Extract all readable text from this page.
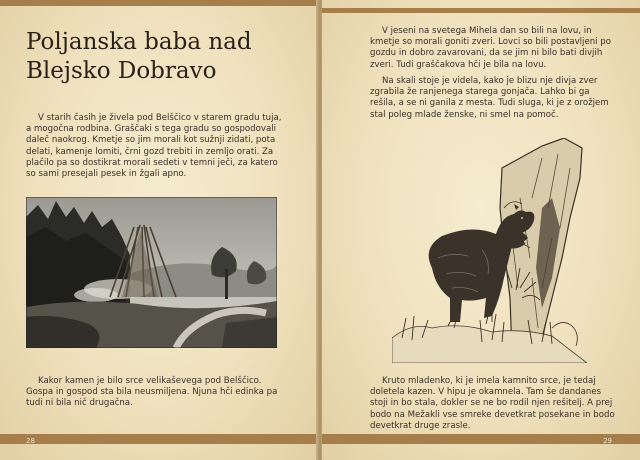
Poljanska baba nad Blejsko Dobravo

V starih časih je živela pod Belščico v starem gradu tuja, a mogočna rodbina. Graščaki s tega gradu so gospodovali daleč naokrog. Kmetje so jim morali kot sužnji zidati, pota delati, kamenje lomiti, črni gozd trebiti in zemljo orati. Za plačilo pa so dostikrat morali sedeti v temni ječi, za katero so sami presejali pesek in žgali apno.

Kakor kamen je bilo srce velikaševega pod Belščico. Gospa in gospod sta bila neusmiljena. Njuna hči edinka pa tudi ni bila nič drugačna.

28

V jeseni na svetega Mihela dan so bili na lovu, in kmetje so morali goniti zveri. Lovci so bili postavljeni po gozdu in dobro zavarovani, da se jim ni bilo bati divjih zveri. Tudi graščakova hči je bila na lovu.

Na skali stoje je videla, kako je blizu nje divja zver zgrabila že ranjenega starega gonjača. Lahko bi ga rešila, a se ni ganila z mesta. Tudi sluga, ki je z orožjem stal poleg mlade ženske, ni smel na pomoč.

Kruto mladenko, ki je imela kamnito srce, je tedaj doletela kazen. V hipu je okamnela. Tam še dandanes stoji in bo stala, dokler se ne bo rodil njen rešitelj. A prej bodo na Mežakli vse smreke devetkrat posekane in bodo devetkrat druge zrasle.

29
